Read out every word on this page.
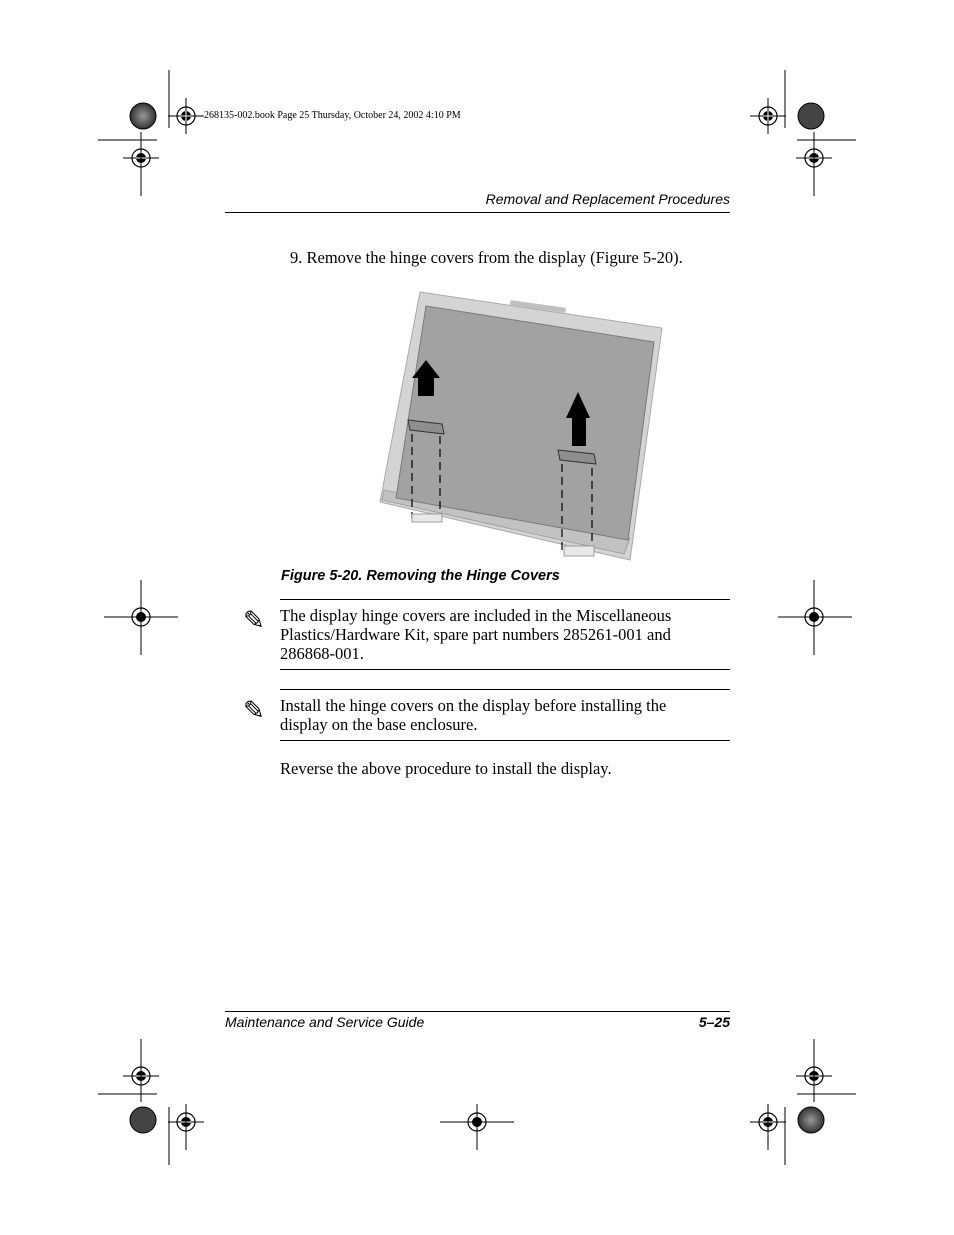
268135-002.book Page 25 Thursday, October 24, 2002 4:10 PM
Removal and Replacement Procedures
9. Remove the hinge covers from the display (Figure 5-20).
Figure 5-20. Removing the Hinge Covers
✎ The display hinge covers are included in the Miscellaneous
Plastics/Hardware Kit, spare part numbers 285261-001 and
286868-001.
✎ Install the hinge covers on the display before installing the
display on the base enclosure.
Reverse the above procedure to install the display.
Maintenance and Service Guide	5–25
